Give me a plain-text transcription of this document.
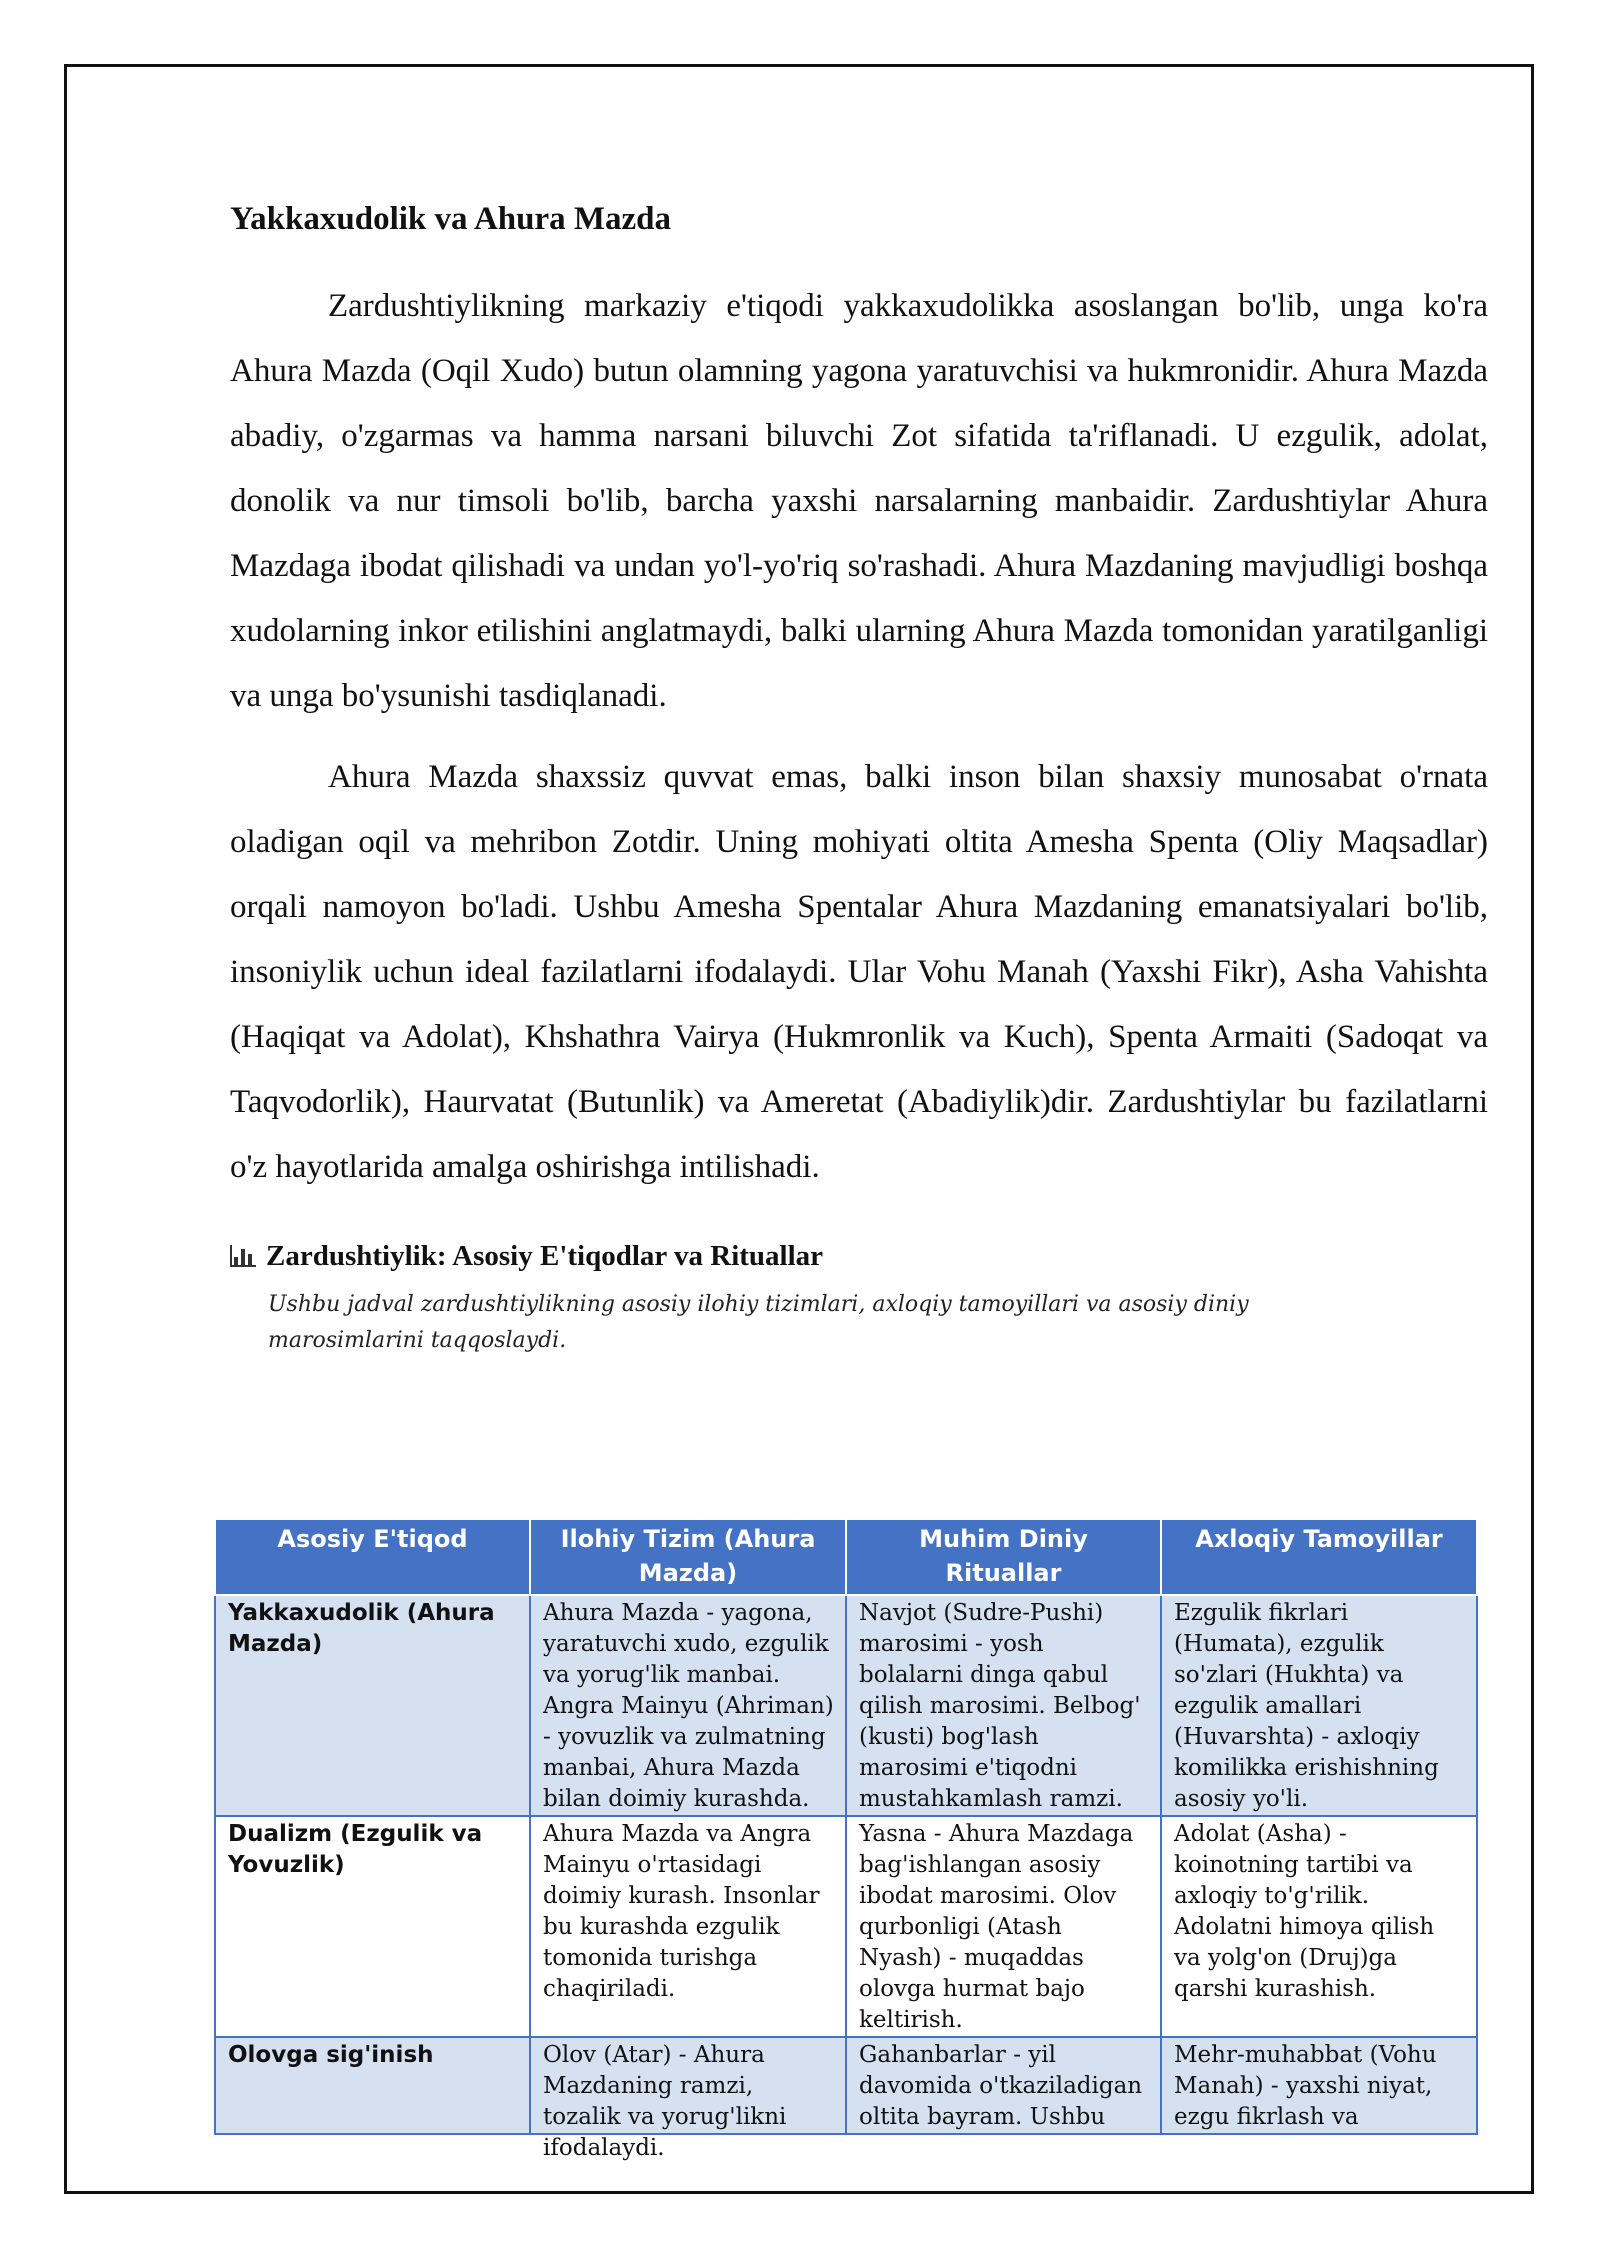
Yakkaxudolik va Ahura Mazda

Zardushtiylikning markaziy e'tiqodi yakkaxudolikka asoslangan bo'lib, unga ko'ra Ahura Mazda (Oqil Xudo) butun olamning yagona yaratuvchisi va hukmronidir. Ahura Mazda abadiy, o'zgarmas va hamma narsani biluvchi Zot sifatida ta'riflanadi. U ezgulik, adolat, donolik va nur timsoli bo'lib, barcha yaxshi narsalarning manbaidir. Zardushtiylar Ahura Mazdaga ibodat qilishadi va undan yo'l-yo'riq so'rashadi. Ahura Mazdaning mavjudligi boshqa xudolarning inkor etilishini anglatmaydi, balki ularning Ahura Mazda tomonidan yaratilganligi va unga bo'ysunishi tasdiqlanadi.

Ahura Mazda shaxssiz quvvat emas, balki inson bilan shaxsiy munosabat o'rnata oladigan oqil va mehribon Zotdir. Uning mohiyati oltita Amesha Spenta (Oliy Maqsadlar) orqali namoyon bo'ladi. Ushbu Amesha Spentalar Ahura Mazdaning emanatsiyalari bo'lib, insoniylik uchun ideal fazilatlarni ifodalaydi. Ular Vohu Manah (Yaxshi Fikr), Asha Vahishta (Haqiqat va Adolat), Khshathra Vairya (Hukmronlik va Kuch), Spenta Armaiti (Sadoqat va Taqvodorlik), Haurvatat (Butunlik) va Ameretat (Abadiylik)dir. Zardushtiylar bu fazilatlarni o'z hayotlarida amalga oshirishga intilishadi.

Zardushtiylik: Asosiy E'tiqodlar va Rituallar
Ushbu jadval zardushtiylikning asosiy ilohiy tizimlari, axloqiy tamoyillari va asosiy diniy marosimlarini taqqoslaydi.
Asosiy E'tiqod	Ilohiy Tizim (Ahura Mazda)	Muhim Diniy Rituallar	Axloqiy Tamoyillar
Yakkaxudolik (Ahura Mazda)	Ahura Mazda - yagona, yaratuvchi xudo, ezgulik va yorug'lik manbai. Angra Mainyu (Ahriman) - yovuzlik va zulmatning manbai, Ahura Mazda bilan doimiy kurashda.	Navjot (Sudre-Pushi) marosimi - yosh bolalarni dinga qabul qilish marosimi. Belbog' (kusti) bog'lash marosimi e'tiqodni mustahkamlash ramzi.	Ezgulik fikrlari (Humata), ezgulik so'zlari (Hukhta) va ezgulik amallari (Huvarshta) - axloqiy komilikka erishishning asosiy yo'li.
Dualizm (Ezgulik va Yovuzlik)	Ahura Mazda va Angra Mainyu o'rtasidagi doimiy kurash. Insonlar bu kurashda ezgulik tomonida turishga chaqiriladi.	Yasna - Ahura Mazdaga bag'ishlangan asosiy ibodat marosimi. Olov qurbonligi (Atash Nyash) - muqaddas olovga hurmat bajo keltirish.	Adolat (Asha) - koinotning tartibi va axloqiy to'g'rilik. Adolatni himoya qilish va yolg'on (Druj)ga qarshi kurashish.

Olovga sig'inish	Olov (Atar) - Ahura Mazdaning ramzi, tozalik va yorug'likni ifodalaydi.	Gahanbarlar - yil davomida o'tkaziladigan oltita bayram. Ushbu	Mehr-muhabbat (Vohu Manah) - yaxshi niyat, ezgu fikrlash va
